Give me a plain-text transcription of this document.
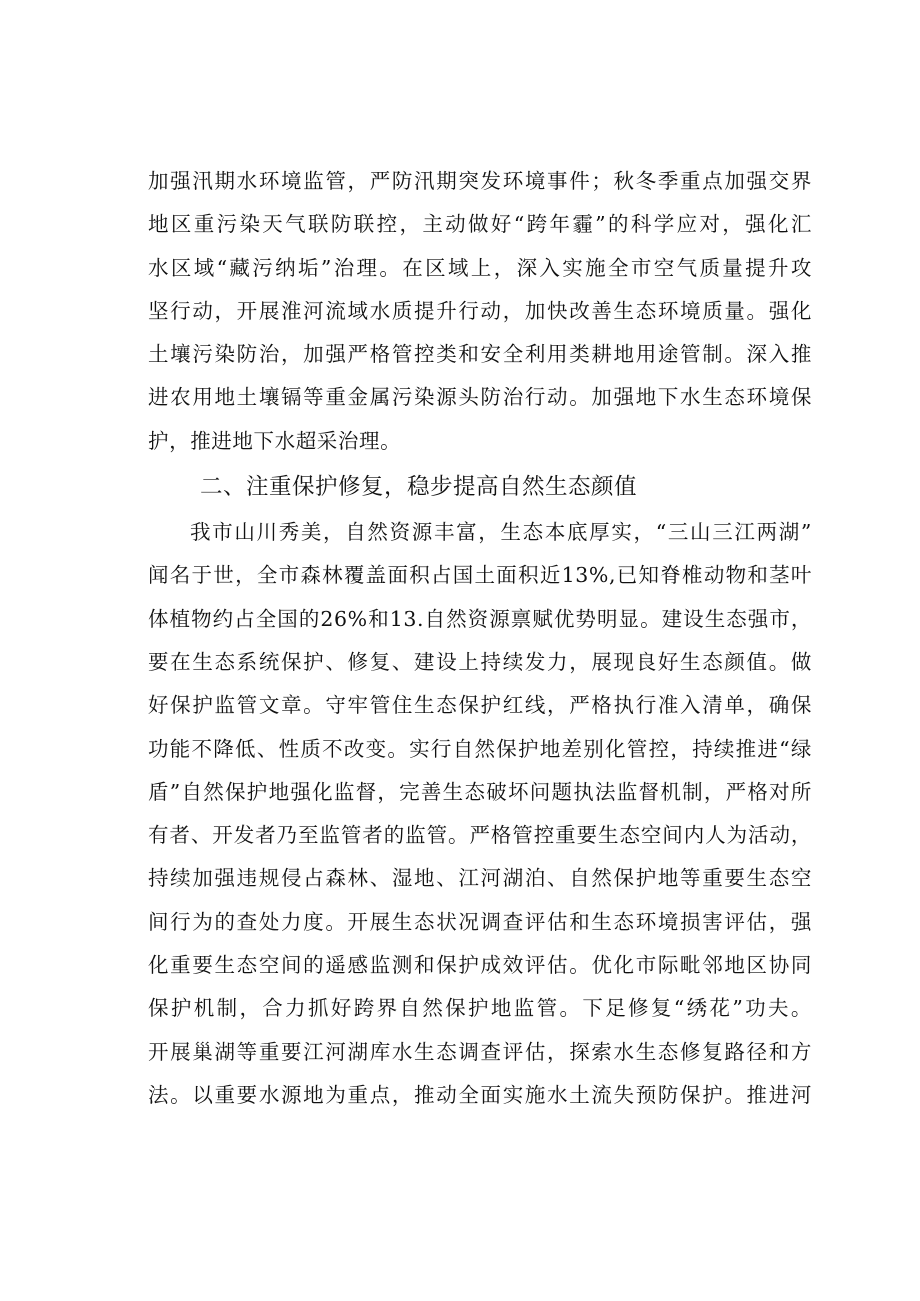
加强汛期水环境监管，严防汛期突发环境事件；秋冬季重点加强交界
地区重污染天气联防联控，主动做好“跨年霾”的科学应对，强化汇
水区域“藏污纳垢”治理。在区域上，深入实施全市空气质量提升攻
坚行动，开展淮河流域水质提升行动，加快改善生态环境质量。强化
土壤污染防治，加强严格管控类和安全利用类耕地用途管制。深入推
进农用地土壤镉等重金属污染源头防治行动。加强地下水生态环境保
护，推进地下水超采治理。
二、注重保护修复，稳步提高自然生态颜值
我市山川秀美，自然资源丰富，生态本底厚实，“三山三江两湖”
闻名于世，全市森林覆盖面积占国土面积近13%,已知脊椎动物和茎叶
体植物约占全国的26%和13.自然资源禀赋优势明显。建设生态强市，
要在生态系统保护、修复、建设上持续发力，展现良好生态颜值。做
好保护监管文章。守牢管住生态保护红线，严格执行准入清单，确保
功能不降低、性质不改变。实行自然保护地差别化管控，持续推进“绿
盾”自然保护地强化监督，完善生态破坏问题执法监督机制，严格对所
有者、开发者乃至监管者的监管。严格管控重要生态空间内人为活动，
持续加强违规侵占森林、湿地、江河湖泊、自然保护地等重要生态空
间行为的查处力度。开展生态状况调查评估和生态环境损害评估，强
化重要生态空间的遥感监测和保护成效评估。优化市际毗邻地区协同
保护机制，合力抓好跨界自然保护地监管。下足修复“绣花”功夫。
开展巢湖等重要江河湖库水生态调查评估，探索水生态修复路径和方
法。以重要水源地为重点，推动全面实施水土流失预防保护。推进河
